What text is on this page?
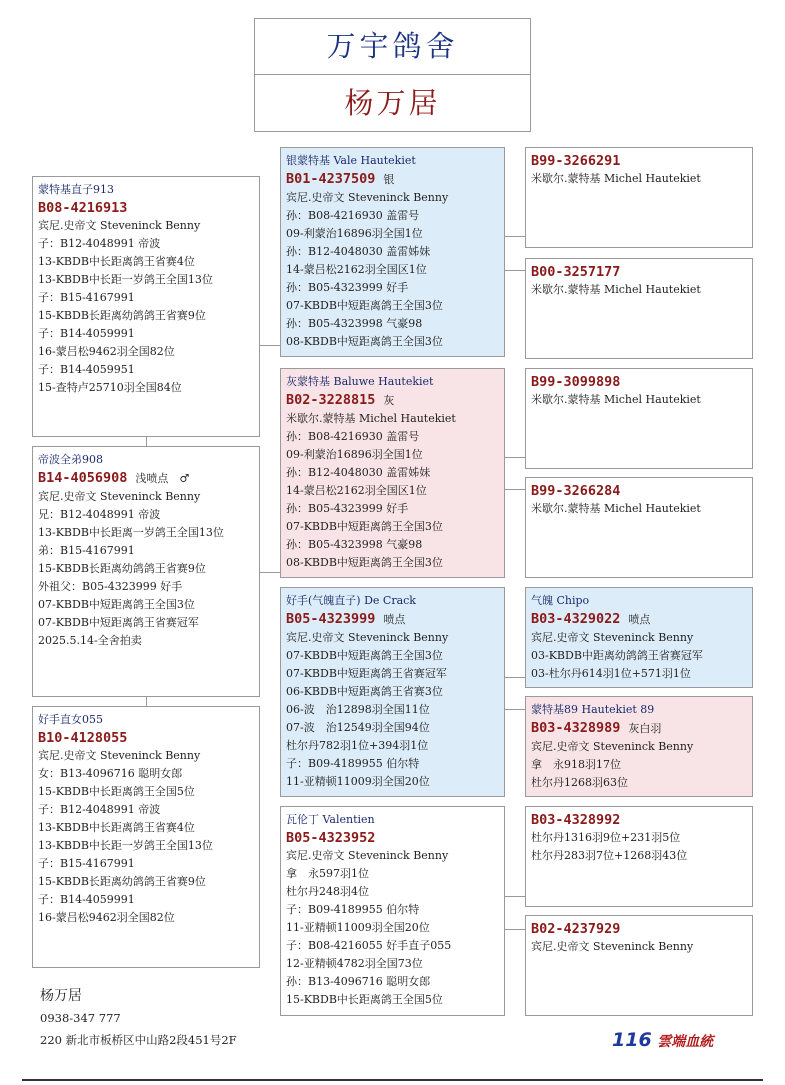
万宇鸽舍
杨万居
蒙特基直子913
B08-4216913
宾尼.史帝文 Steveninck Benny
子：B12-4048991 帝波
13-KBDB中长距离鸽王省赛4位
13-KBDB中长距一岁鸽王全国13位
子：B15-4167991
15-KBDB长距离幼鸽鸽王省赛9位
子：B14-4059991
16-蒙吕松9462羽全国82位
子：B14-4059951
15-查特卢25710羽全国84位
帝波全弟908
B14-4056908 浅喷点　♂
宾尼.史帝文 Steveninck Benny
兄：B12-4048991 帝波
13-KBDB中长距离一岁鸽王全国13位
弟：B15-4167991
15-KBDB长距离幼鸽鸽王省赛9位
外祖父：B05-4323999 好手
07-KBDB中短距离鸽王全国3位
07-KBDB中短距离鸽王省赛冠军
2025.5.14-全舍拍卖
好手直女055
B10-4128055
宾尼.史帝文 Steveninck Benny
女：B13-4096716 聪明女郎
15-KBDB中长距离鸽王全国5位
子：B12-4048991 帝波
13-KBDB中长距离鸽王省赛4位
13-KBDB中长距一岁鸽王全国13位
子：B15-4167991
15-KBDB长距离幼鸽鸽王省赛9位
子：B14-4059991
16-蒙吕松9462羽全国82位
银蒙特基 Vale Hautekiet
B01-4237509 银
宾尼.史帝文 Steveninck Benny
孙：B08-4216930 盖雷号
09-利蒙治16896羽全国1位
孙：B12-4048030 盖雷姊妹
14-蒙吕松2162羽全国区1位
孙：B05-4323999 好手
07-KBDB中短距离鸽王全国3位
孙：B05-4323998 气豪98
08-KBDB中短距离鸽王全国3位
灰蒙特基 Baluwe Hautekiet
B02-3228815 灰
米歇尔.蒙特基 Michel Hautekiet
孙：B08-4216930 盖雷号
09-利蒙治16896羽全国1位
孙：B12-4048030 盖雷姊妹
14-蒙吕松2162羽全国区1位
孙：B05-4323999 好手
07-KBDB中短距离鸽王全国3位
孙：B05-4323998 气豪98
08-KBDB中短距离鸽王全国3位
好手(气魄直子) De Crack
B05-4323999 喷点
宾尼.史帝文 Steveninck Benny
07-KBDB中短距离鸽王全国3位
07-KBDB中短距离鸽王省赛冠军
06-KBDB中短距离鸽王省赛3位
06-波　治12898羽全国11位
07-波　治12549羽全国94位
杜尔丹782羽1位+394羽1位
子：B09-4189955 伯尔特
11-亚精顿11009羽全国20位
瓦伦丁 Valentien
B05-4323952
宾尼.史帝文 Steveninck Benny
拿　永597羽1位
杜尔丹248羽4位
子：B09-4189955 伯尔特
11-亚精顿11009羽全国20位
子：B08-4216055 好手直子055
12-亚精顿4782羽全国73位
孙：B13-4096716 聪明女郎
15-KBDB中长距离鸽王全国5位
B99-3266291
米歇尔.蒙特基 Michel Hautekiet
B00-3257177
米歇尔.蒙特基 Michel Hautekiet
B99-3099898
米歇尔.蒙特基 Michel Hautekiet
B99-3266284
米歇尔.蒙特基 Michel Hautekiet
气魄 Chipo
B03-4329022 喷点
宾尼.史帝文 Steveninck Benny
03-KBDB中距离幼鸽鸽王省赛冠军
03-杜尔丹614羽1位+571羽1位
蒙特基89 Hautekiet 89
B03-4328989 灰白羽
宾尼.史帝文 Steveninck Benny
拿　永918羽17位
杜尔丹1268羽63位
B03-4328992
杜尔丹1316羽9位+231羽5位
杜尔丹283羽7位+1268羽43位
B02-4237929
宾尼.史帝文 Steveninck Benny
杨万居
0938-347 777
220 新北市板桥区中山路2段451号2F	116 雲端血統
